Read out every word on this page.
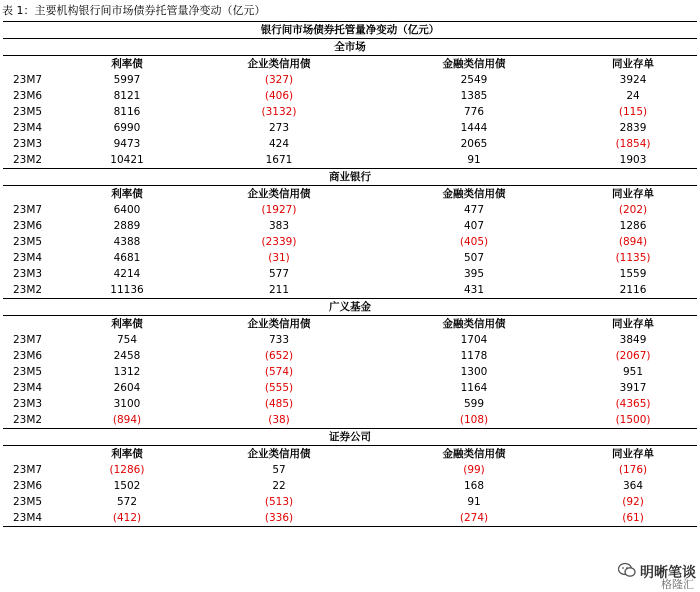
表 1：主要机构银行间市场债券托管量净变动（亿元）
银行间市场债券托管量净变动（亿元）				
全市场				
	利率债	企业类信用债	金融类信用债	同业存单
23M7	5997	(327)	2549	3924
23M6	8121	(406)	1385	24
23M5	8116	(3132)	776	(115)
23M4	6990	273	1444	2839
23M3	9473	424	2065	(1854)
23M2	10421	1671	91	1903
商业银行				
	利率债	企业类信用债	金融类信用债	同业存单
23M7	6400	(1927)	477	(202)
23M6	2889	383	407	1286
23M5	4388	(2339)	(405)	(894)
23M4	4681	(31)	507	(1135)
23M3	4214	577	395	1559
23M2	11136	211	431	2116
广义基金				
	利率债	企业类信用债	金融类信用债	同业存单
23M7	754	733	1704	3849
23M6	2458	(652)	1178	(2067)
23M5	1312	(574)	1300	951
23M4	2604	(555)	1164	3917
23M3	3100	(485)	599	(4365)
23M2	(894)	(38)	(108)	(1500)
证券公司				
	利率债	企业类信用债	金融类信用债	同业存单
23M7	(1286)	57	(99)	(176)
23M6	1502	22	168	364
23M5	572	(513)	91	(92)
23M4	(412)	(336)	(274)	(61)
明晰笔谈
格隆汇
